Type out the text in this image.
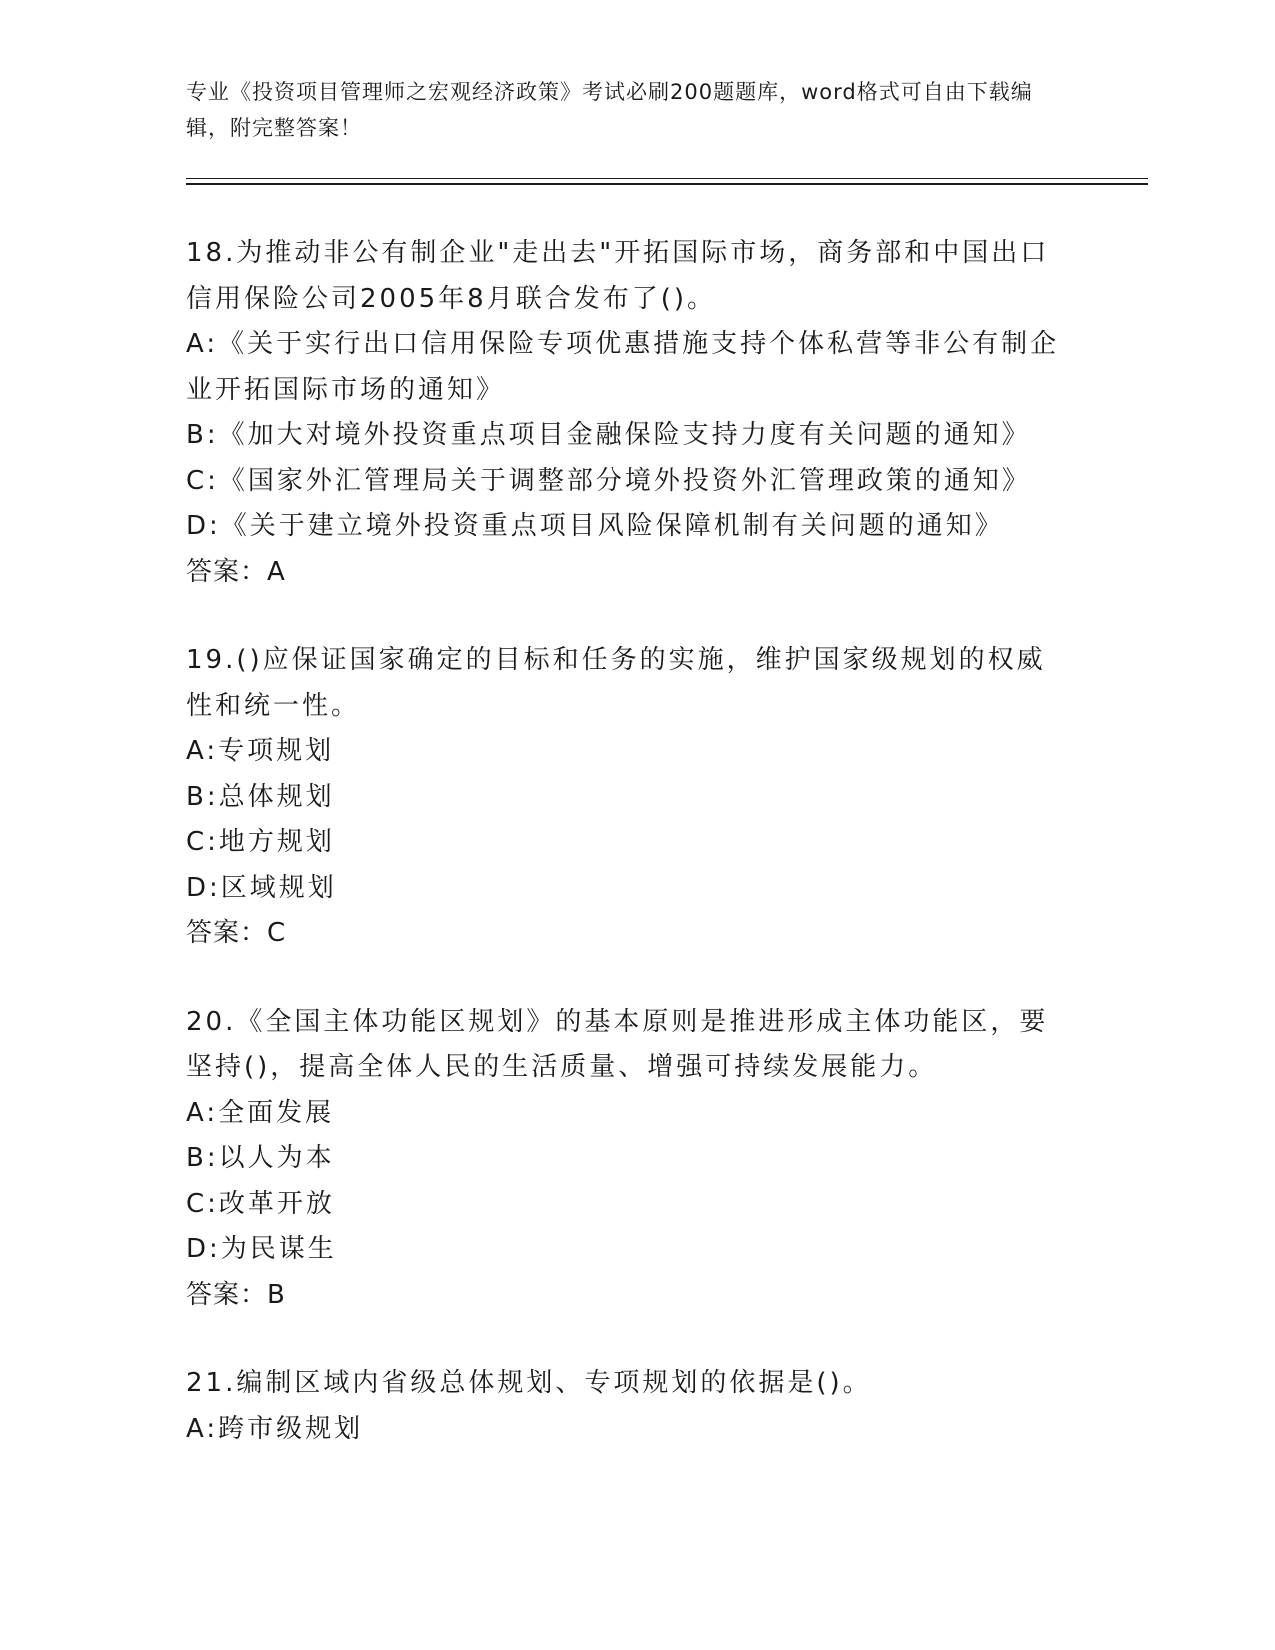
专业《投资项目管理师之宏观经济政策》考试必刷200题题库，word格式可自由下载编辑，附完整答案！
18.为推动非公有制企业"走出去"开拓国际市场，商务部和中国出口信用保险公司2005年8月联合发布了()。
A:《关于实行出口信用保险专项优惠措施支持个体私营等非公有制企业开拓国际市场的通知》
B:《加大对境外投资重点项目金融保险支持力度有关问题的通知》
C:《国家外汇管理局关于调整部分境外投资外汇管理政策的通知》
D:《关于建立境外投资重点项目风险保障机制有关问题的通知》
答案：A
19.()应保证国家确定的目标和任务的实施，维护国家级规划的权威性和统一性。
A:专项规划
B:总体规划
C:地方规划
D:区域规划
答案：C
20.《全国主体功能区规划》的基本原则是推进形成主体功能区，要坚持()，提高全体人民的生活质量、增强可持续发展能力。
A:全面发展
B:以人为本
C:改革开放
D:为民谋生
答案：B
21.编制区域内省级总体规划、专项规划的依据是()。
A:跨市级规划
